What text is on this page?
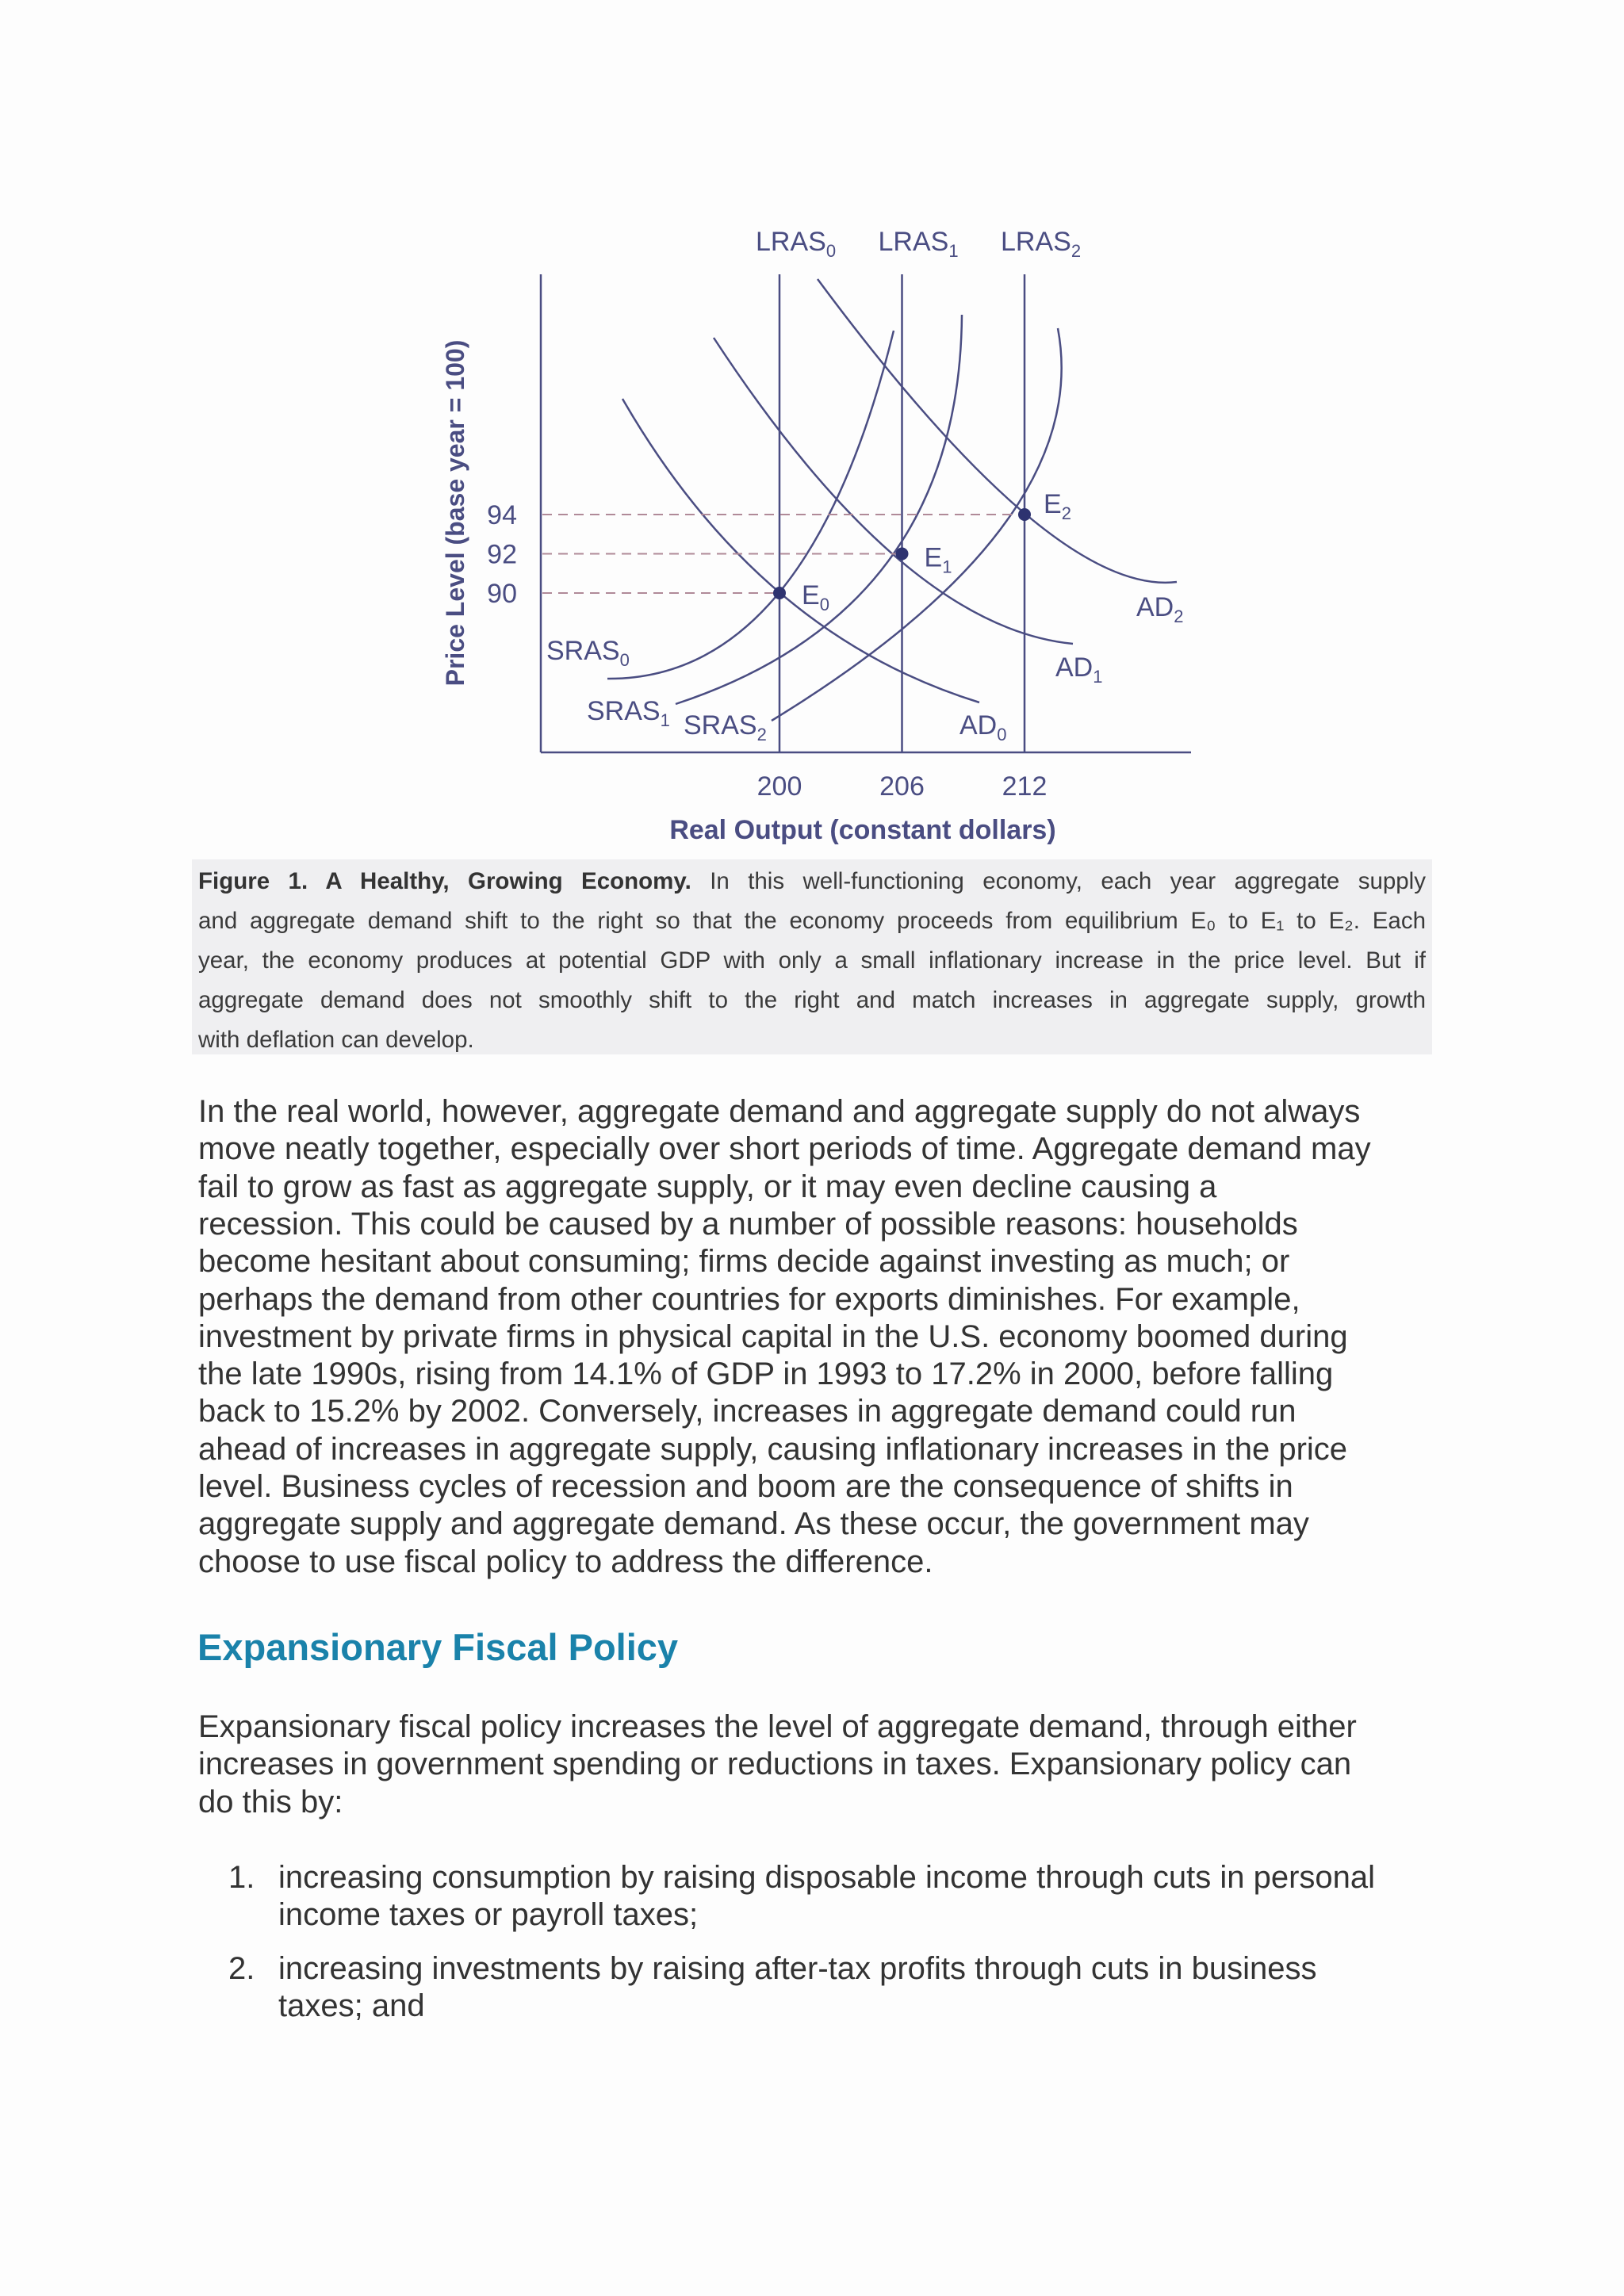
$LRAS_0$ $LRAS_1$ $LRAS_2$
200	206	212
90
92
94
$E_0$
$E_1$
$E_2$
$SRAS_0$
$SRAS_1$ $SRAS_2$	$AD_0$
$AD_1$
$AD_2$
Real Output (constant dollars)
Price Level (base year = 100)
Figure 1. A Healthy, Growing Economy. In this well-functioning economy, each year aggregate supply
and aggregate demand shift to the right so that the economy proceeds from equilibrium E₀ to E₁ to E₂. Each
year, the economy produces at potential GDP with only a small inflationary increase in the price level. But if
aggregate demand does not smoothly shift to the right and match increases in aggregate supply, growth
with deflation can develop.
In the real world, however, aggregate demand and aggregate supply do not always
move neatly together, especially over short periods of time. Aggregate demand may
fail to grow as fast as aggregate supply, or it may even decline causing a
recession. This could be caused by a number of possible reasons: households
become hesitant about consuming; firms decide against investing as much; or
perhaps the demand from other countries for exports diminishes. For example,
investment by private firms in physical capital in the U.S. economy boomed during
the late 1990s, rising from 14.1% of GDP in 1993 to 17.2% in 2000, before falling
back to 15.2% by 2002. Conversely, increases in aggregate demand could run
ahead of increases in aggregate supply, causing inflationary increases in the price
level. Business cycles of recession and boom are the consequence of shifts in
aggregate supply and aggregate demand. As these occur, the government may
choose to use fiscal policy to address the difference.
Expansionary Fiscal Policy
Expansionary fiscal policy increases the level of aggregate demand, through either
increases in government spending or reductions in taxes. Expansionary policy can
do this by:
1. increasing consumption by raising disposable income through cuts in personal
income taxes or payroll taxes;
2. increasing investments by raising after-tax profits through cuts in business
taxes; and
